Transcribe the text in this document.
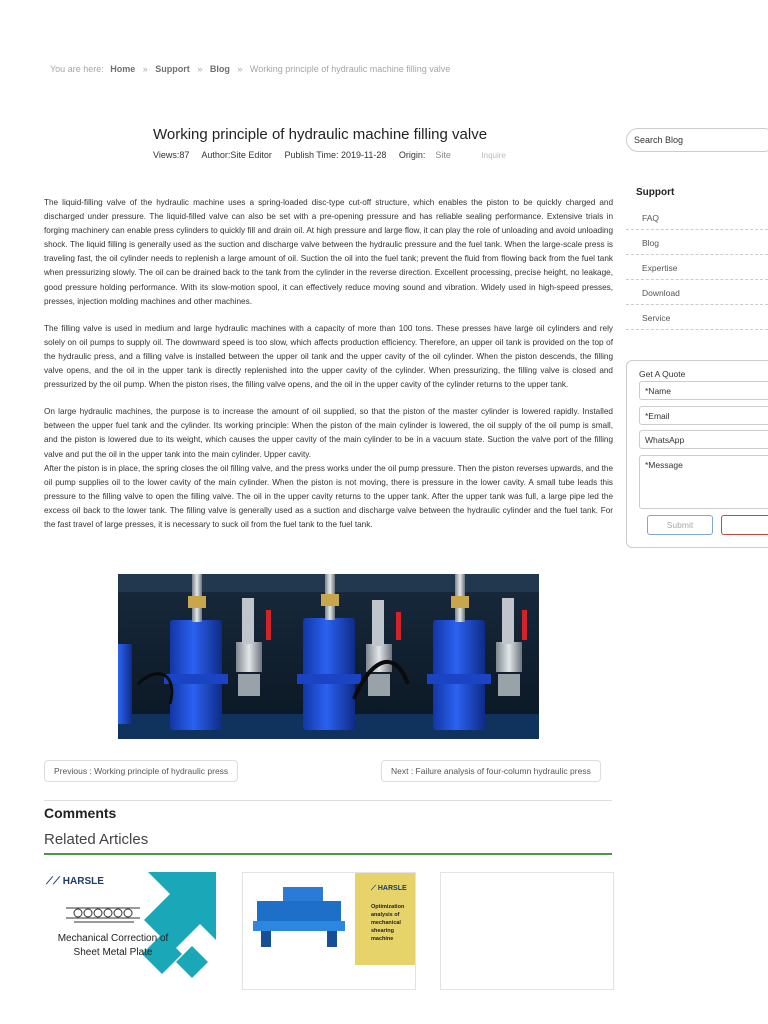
You are here: Home » Support » Blog » Working principle of hydraulic machine filling valve
Working principle of hydraulic machine filling valve
Views:87 Author:Site Editor Publish Time: 2019-11-28 Origin: Site	Inquire

The liquid-filling valve of the hydraulic machine uses a spring-loaded disc-type cut-off structure, which enables the piston to be quickly charged and discharged under pressure. The liquid-filled valve can also be set with a pre-opening pressure and has reliable sealing performance. Extensive trials in forging machinery can enable press cylinders to quickly fill and drain oil. At high pressure and large flow, it can play the role of unloading and avoid unloading shock. The liquid filling is generally used as the suction and discharge valve between the hydraulic pressure and the fuel tank. When the large-scale press is traveling fast, the oil cylinder needs to replenish a large amount of oil. Suction the oil into the fuel tank; prevent the fluid from flowing back from the fuel tank when pressurizing slowly. The oil can be drained back to the tank from the cylinder in the reverse direction. Excellent processing, precise height, no leakage, good pressure holding performance. With its slow-motion spool, it can effectively reduce moving sound and vibration. Widely used in high-speed presses, presses, injection molding machines and other machines.

The filling valve is used in medium and large hydraulic machines with a capacity of more than 100 tons. These presses have large oil cylinders and rely solely on oil pumps to supply oil. The downward speed is too slow, which affects production efficiency. Therefore, an upper oil tank is provided on the top of the hydraulic press, and a filling valve is installed between the upper oil tank and the upper cavity of the oil cylinder. When the piston descends, the filling valve opens, and the oil in the upper tank is directly replenished into the upper cavity of the cylinder. When pressurizing, the filling valve is closed and pressurized by the oil pump. When the piston rises, the filling valve opens, and the oil in the upper cavity of the cylinder returns to the upper tank.

On large hydraulic machines, the purpose is to increase the amount of oil supplied, so that the piston of the master cylinder is lowered rapidly. Installed between the upper fuel tank and the cylinder. Its working principle: When the piston of the main cylinder is lowered, the oil supply of the oil pump is small, and the piston is lowered due to its weight, which causes the upper cavity of the main cylinder to be in a vacuum state. Suction the valve port of the filling valve and put the oil in the upper tank into the main cylinder. Upper cavity.

After the piston is in place, the spring closes the oil filling valve, and the press works under the oil pump pressure. Then the piston reverses upwards, and the oil pump supplies oil to the lower cavity of the main cylinder. When the piston is not moving, there is pressure in the lower cavity. A small tube leads this pressure to the filling valve to open the filling valve. The oil in the upper cavity returns to the upper tank. After the upper tank was full, a large pipe led the excess oil back to the lower tank. The filling valve is generally used as a suction and discharge valve between the hydraulic cylinder and the fuel tank. For the fast travel of large presses, it is necessary to suck oil from the fuel tank to the fuel tank.

Previous : Working principle of hydraulic press	Next : Failure analysis of four-column hydraulic press
Comments
Related Articles
⟋⟋ HARSLE
Mechanical Correction of Sheet Metal Plate
⟋ HARSLE
Optimization analysis of mechanical shearing machine
Search Blog
Support
FAQ
Blog
Expertise
Download
Service
Get A Quote
*Name
*Email
WhatsApp
*Message
Submit
